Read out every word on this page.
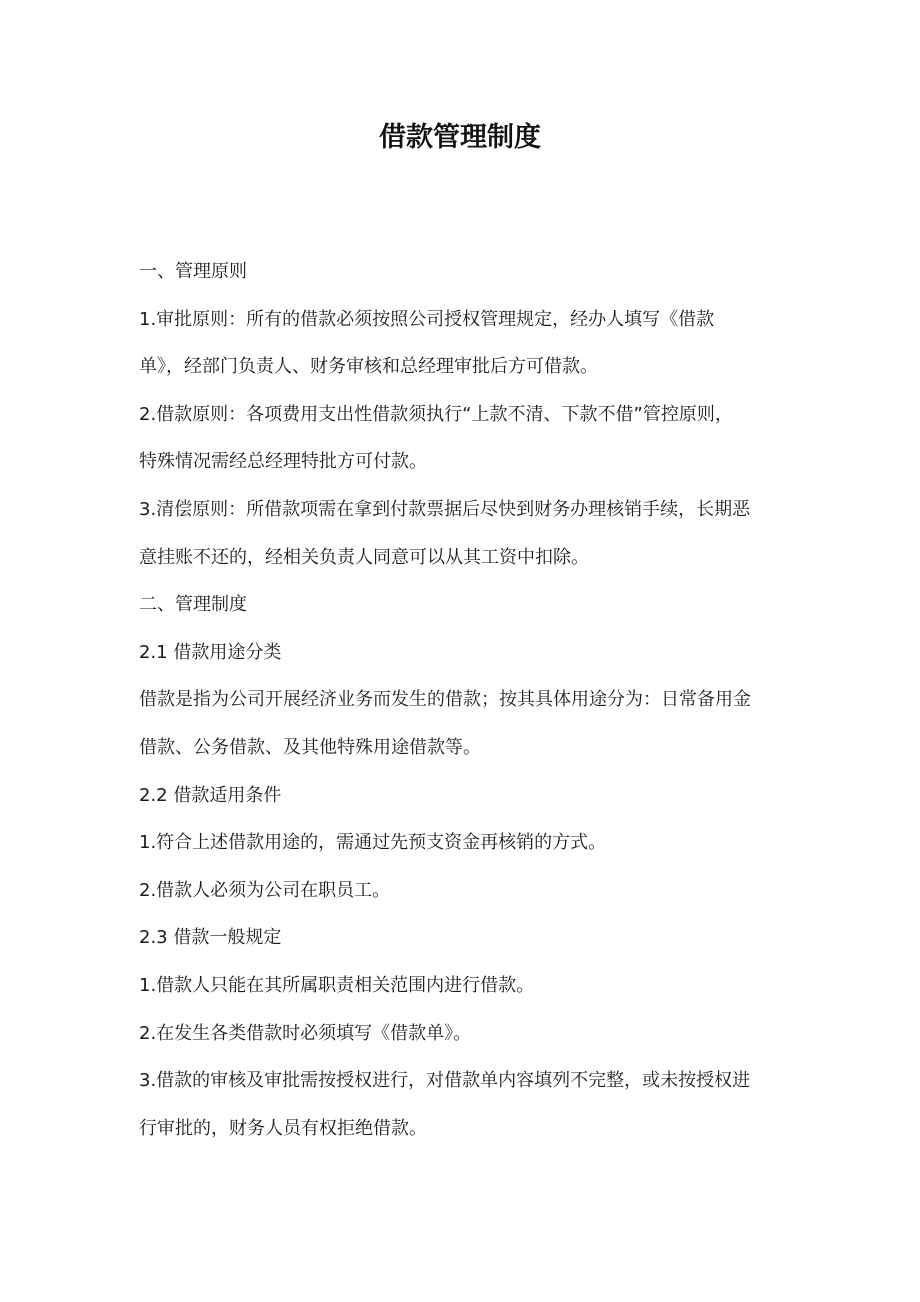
借款管理制度

一、管理原则

1.审批原则：所有的借款必须按照公司授权管理规定，经办人填写《借款

单》，经部门负责人、财务审核和总经理审批后方可借款。

2.借款原则：各项费用支出性借款须执行“上款不清、下款不借”管控原则，

特殊情况需经总经理特批方可付款。

3.清偿原则：所借款项需在拿到付款票据后尽快到财务办理核销手续，长期恶

意挂账不还的，经相关负责人同意可以从其工资中扣除。

二、管理制度

2.1 借款用途分类

借款是指为公司开展经济业务而发生的借款；按其具体用途分为：日常备用金

借款、公务借款、及其他特殊用途借款等。

2.2 借款适用条件

1.符合上述借款用途的，需通过先预支资金再核销的方式。

2.借款人必须为公司在职员工。

2.3 借款一般规定

1.借款人只能在其所属职责相关范围内进行借款。

2.在发生各类借款时必须填写《借款单》。

3.借款的审核及审批需按授权进行，对借款单内容填列不完整，或未按授权进

行审批的，财务人员有权拒绝借款。
